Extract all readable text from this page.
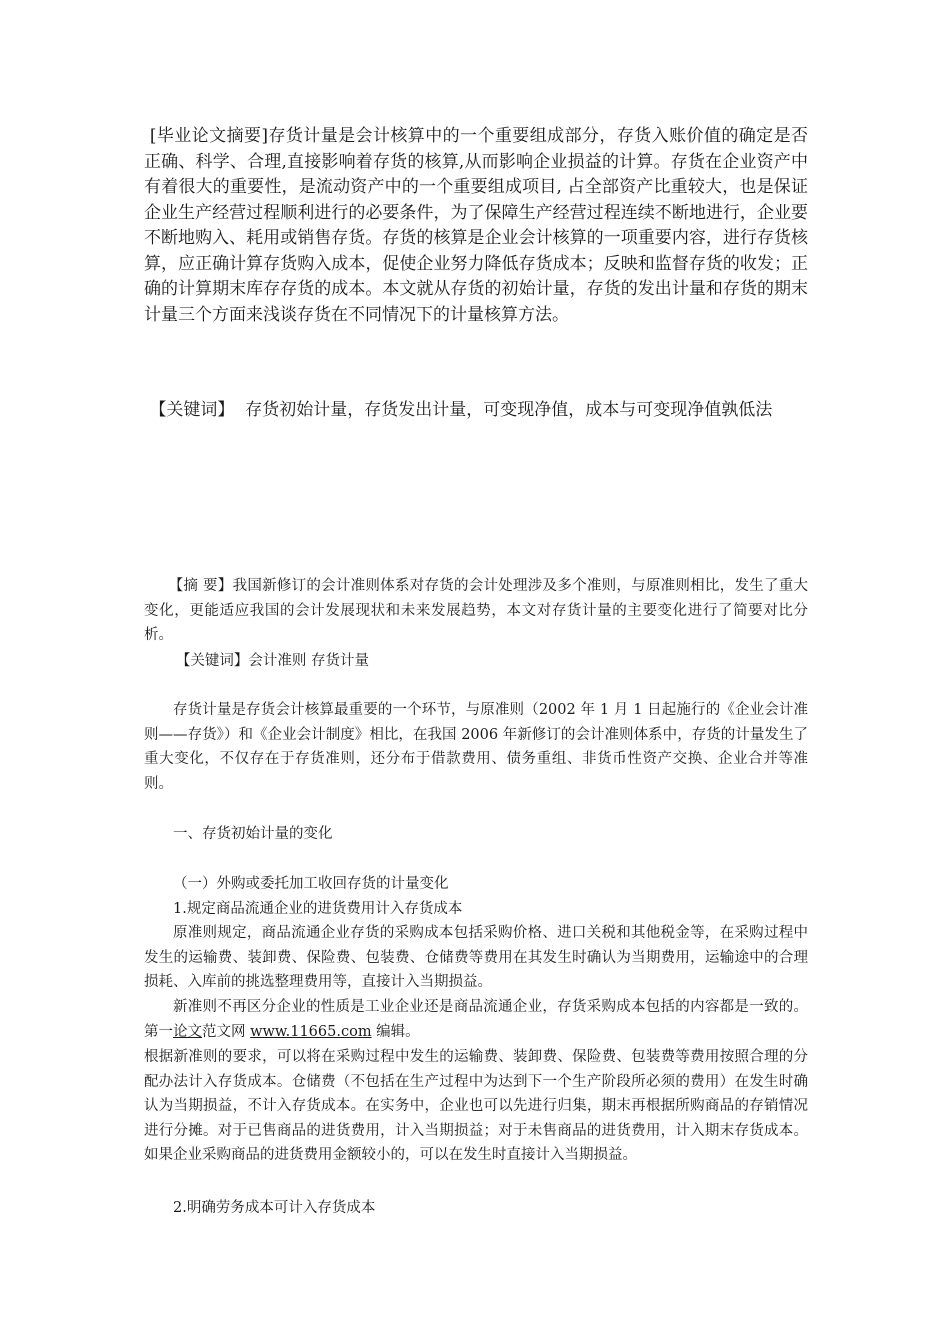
[毕业论文摘要]存货计量是会计核算中的一个重要组成部分，存货入账价值的确定是否正确、科学、合理,直接影响着存货的核算,从而影响企业损益的计算。存货在企业资产中有着很大的重要性，是流动资产中的一个重要组成项目, 占全部资产比重较大，也是保证企业生产经营过程顺利进行的必要条件，为了保障生产经营过程连续不断地进行，企业要不断地购入、耗用或销售存货。存货的核算是企业会计核算的一项重要内容，进行存货核算，应正确计算存货购入成本，促使企业努力降低存货成本；反映和监督存货的收发；正确的计算期末库存存货的成本。本文就从存货的初始计量，存货的发出计量和存货的期末计量三个方面来浅谈存货在不同情况下的计量核算方法。

【关键词】 存货初始计量，存货发出计量，可变现净值，成本与可变现净值孰低法

【摘 要】我国新修订的会计准则体系对存货的会计处理涉及多个准则，与原准则相比，发生了重大变化，更能适应我国的会计发展现状和未来发展趋势，本文对存货计量的主要变化进行了简要对比分析。

【关键词】会计准则 存货计量

存货计量是存货会计核算最重要的一个环节，与原准则（2002 年 1 月 1 日起施行的《企业会计准则——存货》）和《企业会计制度》相比，在我国 2006 年新修订的会计准则体系中，存货的计量发生了重大变化，不仅存在于存货准则，还分布于借款费用、债务重组、非货币性资产交换、企业合并等准则。

一、存货初始计量的变化

（一）外购或委托加工收回存货的计量变化

1.规定商品流通企业的进货费用计入存货成本

原准则规定，商品流通企业存货的采购成本包括采购价格、进口关税和其他税金等，在采购过程中发生的运输费、装卸费、保险费、包装费、仓储费等费用在其发生时确认为当期费用，运输途中的合理损耗、入库前的挑选整理费用等，直接计入当期损益。

新准则不再区分企业的性质是工业企业还是商品流通企业，存货采购成本包括的内容都是一致的。第一论文范文网 www.11665.com 编辑。

根据新准则的要求，可以将在采购过程中发生的运输费、装卸费、保险费、包装费等费用按照合理的分配办法计入存货成本。仓储费（不包括在生产过程中为达到下一个生产阶段所必须的费用）在发生时确认为当期损益，不计入存货成本。在实务中，企业也可以先进行归集，期末再根据所购商品的存销情况进行分摊。对于已售商品的进货费用，计入当期损益；对于未售商品的进货费用，计入期末存货成本。如果企业采购商品的进货费用金额较小的，可以在发生时直接计入当期损益。

2.明确劳务成本可计入存货成本
